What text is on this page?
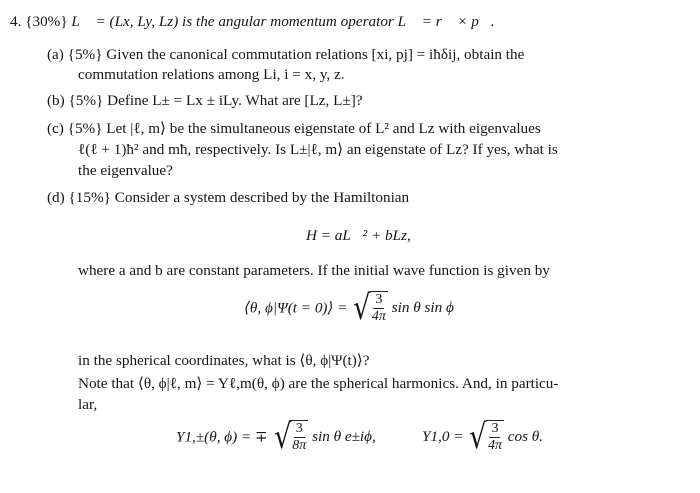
4. {30%} L⃗ = (Lx, Ly, Lz) is the angular momentum operator L⃗ = r⃗ × p⃗.
(a) {5%} Given the canonical commutation relations [xi, pj] = iħδij, obtain the
commutation relations among Li, i = x, y, z.
(b) {5%} Define L± = Lx ± iLy. What are [Lz, L±]?
(c) {5%} Let |ℓ, m⟩ be the simultaneous eigenstate of L² and Lz with eigenvalues
ℓ(ℓ + 1)ħ² and mħ, respectively. Is L±|ℓ, m⟩ an eigenstate of Lz? If yes, what is
the eigenvalue?
(d) {15%} Consider a system described by the Hamiltonian
H = aL⃗² + bLz,
where a and b are constant parameters. If the initial wave function is given by
⟨θ, ϕ|Ψ(t = 0)⟩ = √ $\frac{3}{4\pi}$ sin θ sin ϕ
in the spherical coordinates, what is ⟨θ, ϕ|Ψ(t)⟩?
Note that ⟨θ, ϕ|ℓ, m⟩ = Yℓ,m(θ, ϕ) are the spherical harmonics. And, in particu-
lar,
Y1,±(θ, ϕ) = ∓ √ $\frac{3}{8\pi}$ sin θ e±iϕ,	Y1,0 = √ $\frac{3}{4\pi}$ cos θ.
